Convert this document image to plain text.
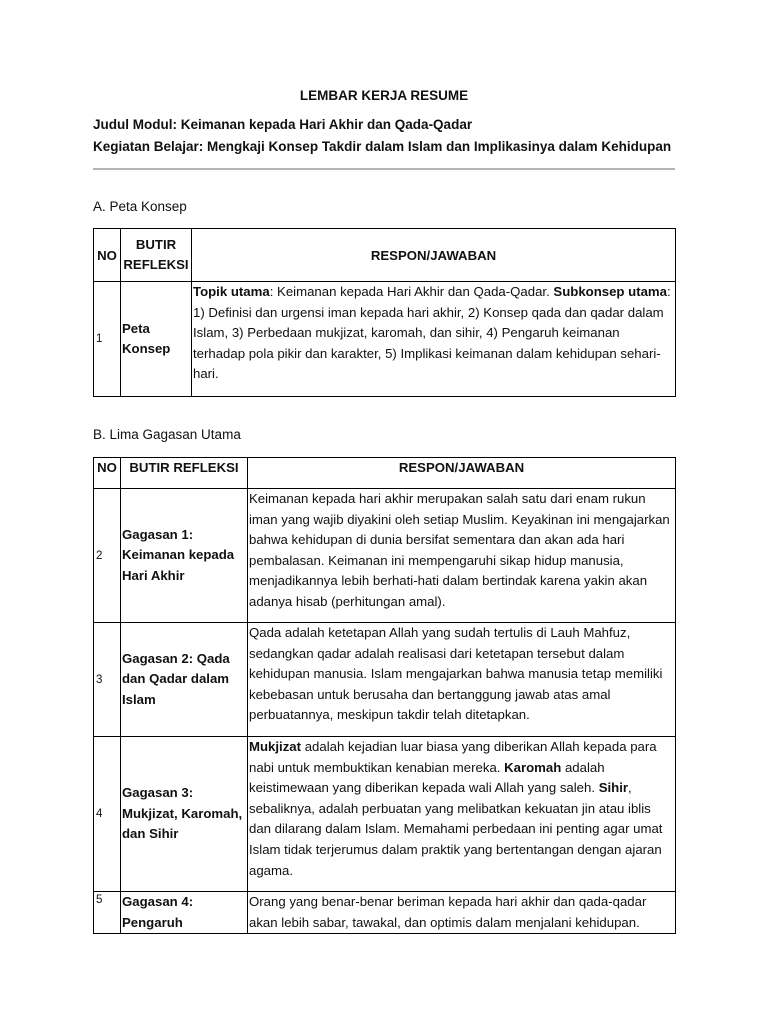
LEMBAR KERJA RESUME
Judul Modul: Keimanan kepada Hari Akhir dan Qada-Qadar
Kegiatan Belajar: Mengkaji Konsep Takdir dalam Islam dan Implikasinya dalam Kehidupan
A. Peta Konsep
NO	BUTIR REFLEKSI	RESPON/JAWABAN
1	Peta Konsep	Topik utama: Keimanan kepada Hari Akhir dan Qada-Qadar. Subkonsep utama: 1) Definisi dan urgensi iman kepada hari akhir, 2) Konsep qada dan qadar dalam Islam, 3) Perbedaan mukjizat, karomah, dan sihir, 4) Pengaruh keimanan terhadap pola pikir dan karakter, 5) Implikasi keimanan dalam kehidupan sehari-hari.
B. Lima Gagasan Utama
NO	BUTIR REFLEKSI	RESPON/JAWABAN
2	Gagasan 1: Keimanan kepada Hari Akhir	Keimanan kepada hari akhir merupakan salah satu dari enam rukun iman yang wajib diyakini oleh setiap Muslim. Keyakinan ini mengajarkan bahwa kehidupan di dunia bersifat sementara dan akan ada hari pembalasan. Keimanan ini mempengaruhi sikap hidup manusia, menjadikannya lebih berhati-hati dalam bertindak karena yakin akan adanya hisab (perhitungan amal).
3	Gagasan 2: Qada dan Qadar dalam Islam	Qada adalah ketetapan Allah yang sudah tertulis di Lauh Mahfuz, sedangkan qadar adalah realisasi dari ketetapan tersebut dalam kehidupan manusia. Islam mengajarkan bahwa manusia tetap memiliki kebebasan untuk berusaha dan bertanggung jawab atas amal perbuatannya, meskipun takdir telah ditetapkan.
4	Gagasan 3: Mukjizat, Karomah, dan Sihir	Mukjizat adalah kejadian luar biasa yang diberikan Allah kepada para nabi untuk membuktikan kenabian mereka. Karomah adalah keistimewaan yang diberikan kepada wali Allah yang saleh. Sihir, sebaliknya, adalah perbuatan yang melibatkan kekuatan jin atau iblis dan dilarang dalam Islam. Memahami perbedaan ini penting agar umat Islam tidak terjerumus dalam praktik yang bertentangan dengan ajaran agama.
5	Gagasan 4: Pengaruh	Orang yang benar-benar beriman kepada hari akhir dan qada-qadar akan lebih sabar, tawakal, dan optimis dalam menjalani kehidupan.
